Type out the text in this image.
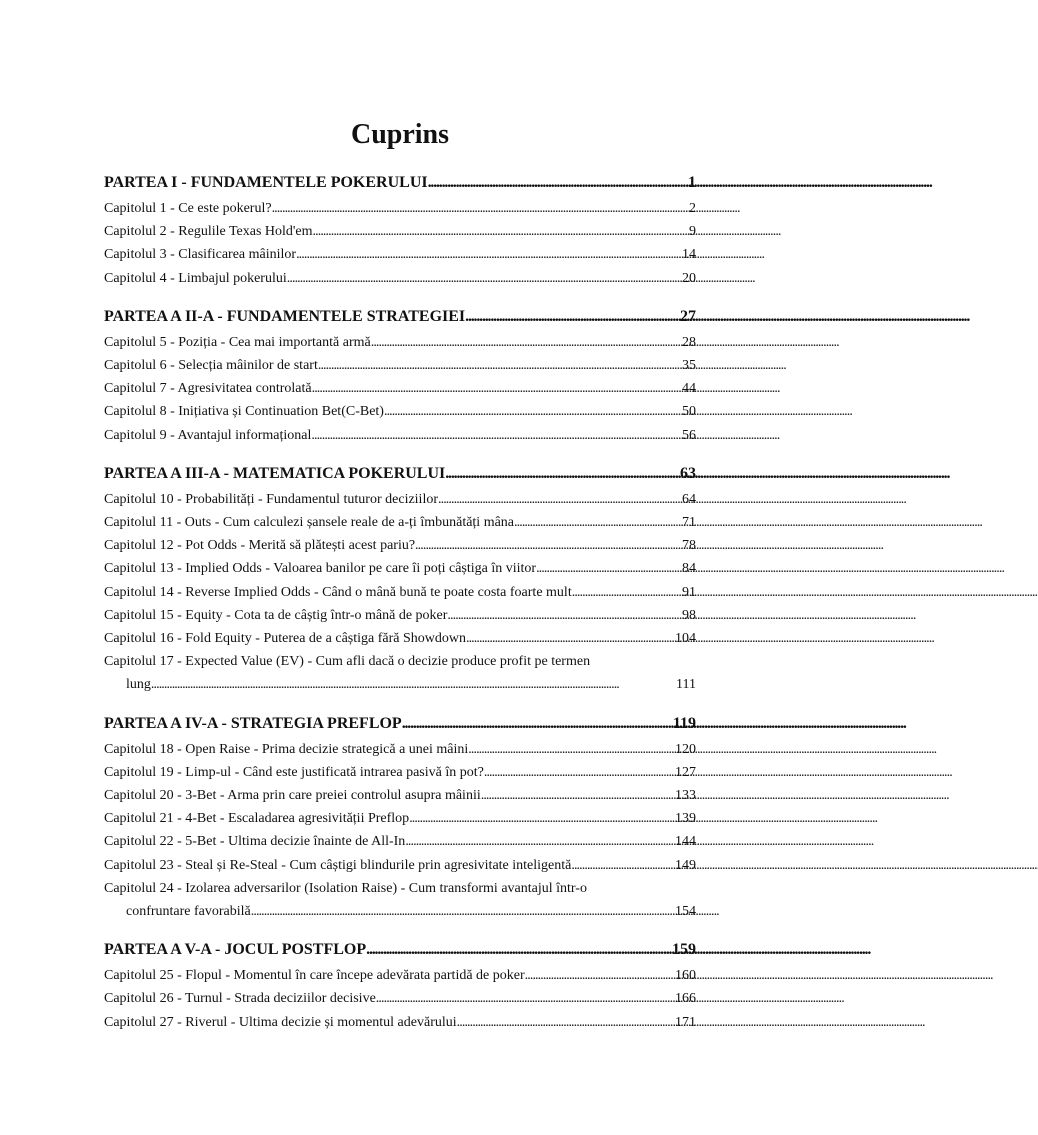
Cuprins
PARTEA I - FUNDAMENTELE POKERULUI . . .	1
Capitolul 1 - Ce este pokerul? . . .	2
Capitolul 2 - Regulile Texas Hold'em . . .	9
Capitolul 3 - Clasificarea mâinilor . . .	14
Capitolul 4 - Limbajul pokerului . . .	20
PARTEA A II-A - FUNDAMENTELE STRATEGIEI . . .	27
Capitolul 5 - Poziția - Cea mai importantă armă . . .	28
Capitolul 6 - Selecția mâinilor de start . . .	35
Capitolul 7 - Agresivitatea controlată . . .	44
Capitolul 8 - Inițiativa și Continuation Bet(C-Bet) . . .	50
Capitolul 9 - Avantajul informațional . . .	56
PARTEA A III-A - MATEMATICA POKERULUI . . .	63
Capitolul 10 - Probabilități - Fundamentul tuturor deciziilor . . .	64
Capitolul 11 - Outs - Cum calculezi șansele reale de a-ți îmbunătăți mâna . . .	71
Capitolul 12 - Pot Odds - Merită să plătești acest pariu? . . .	78
Capitolul 13 - Implied Odds - Valoarea banilor pe care îi poți câștiga în viitor . . .	84
Capitolul 14 - Reverse Implied Odds - Când o mână bună te poate costa foarte mult . . .	91
Capitolul 15 - Equity - Cota ta de câștig într-o mână de poker . . .	98
Capitolul 16 - Fold Equity - Puterea de a câștiga fără Showdown . . .	104
Capitolul 17 - Expected Value (EV) - Cum afli dacă o decizie produce profit pe termen
lung . . .	111
PARTEA A IV-A - STRATEGIA PREFLOP . . .	119
Capitolul 18 - Open Raise - Prima decizie strategică a unei mâini . . .	120
Capitolul 19 - Limp-ul - Când este justificată intrarea pasivă în pot? . . .	127
Capitolul 20 - 3-Bet - Arma prin care preiei controlul asupra mâinii . . .	133
Capitolul 21 - 4-Bet - Escaladarea agresivității Preflop . . .	139
Capitolul 22 - 5-Bet - Ultima decizie înainte de All-In . . .	144
Capitolul 23 - Steal și Re-Steal - Cum câștigi blindurile prin agresivitate inteligentă . . .	149
Capitolul 24 - Izolarea adversarilor (Isolation Raise) - Cum transformi avantajul într-o
confruntare favorabilă . . .	154
PARTEA A V-A - JOCUL POSTFLOP . . .	159
Capitolul 25 - Flopul - Momentul în care începe adevărata partidă de poker . . .	160
Capitolul 26 - Turnul - Strada deciziilor decisive . . .	166
Capitolul 27 - Riverul - Ultima decizie și momentul adevărului . . .	171
